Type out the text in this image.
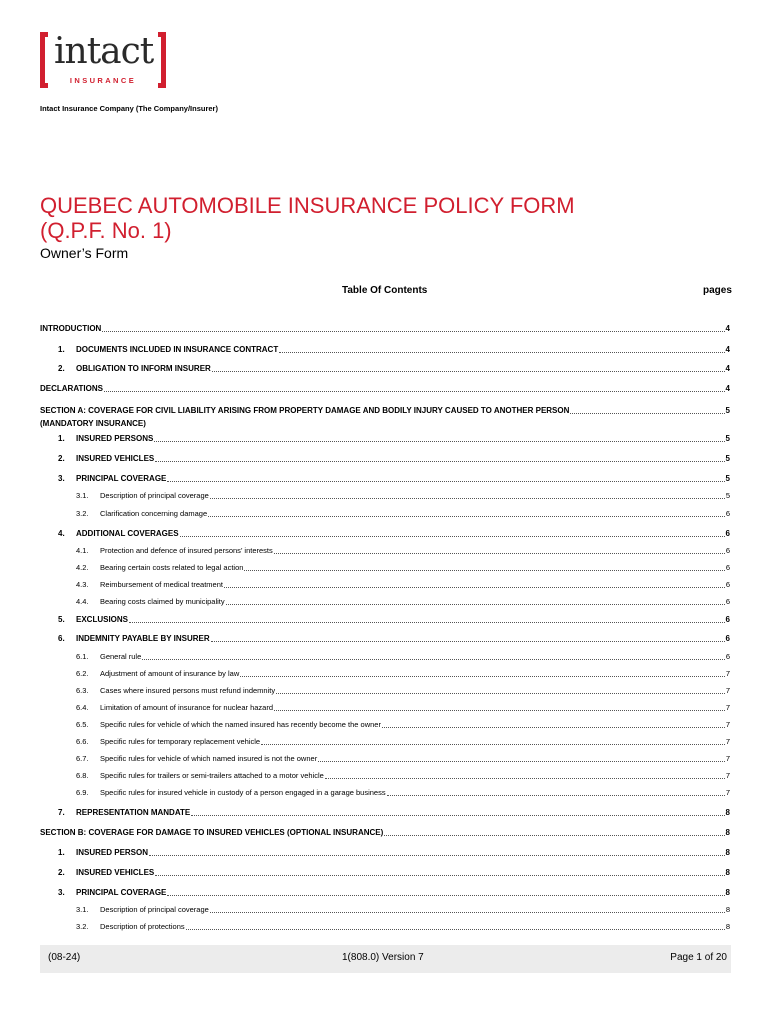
intact
INSURANCE
Intact Insurance Company (The Company/Insurer)
QUEBEC AUTOMOBILE INSURANCE POLICY FORM
(Q.P.F. No. 1)
Owner’s Form
Table Of Contents	pages
INTRODUCTION	4
1.	DOCUMENTS INCLUDED IN INSURANCE CONTRACT	4
2.	OBLIGATION TO INFORM INSURER	4
DECLARATIONS	4
SECTION A: COVERAGE FOR CIVIL LIABILITY ARISING FROM PROPERTY DAMAGE AND BODILY INJURY CAUSED TO ANOTHER PERSON	5
(MANDATORY INSURANCE)
1.	INSURED PERSONS	5
2.	INSURED VEHICLES	5
3.	PRINCIPAL COVERAGE	5
3.1.	Description of principal coverage	5
3.2.	Clarification concerning damage	6
4.	ADDITIONAL COVERAGES	6
4.1.	Protection and defence of insured persons’ interests	6
4.2.	Bearing certain costs related to legal action	6
4.3.	Reimbursement of medical treatment	6
4.4.	Bearing costs claimed by municipality	6
5.	EXCLUSIONS	6
6.	INDEMNITY PAYABLE BY INSURER	6
6.1.	General rule	6
6.2.	Adjustment of amount of insurance by law	7
6.3.	Cases where insured persons must refund indemnity	7
6.4.	Limitation of amount of insurance for nuclear hazard	7
6.5.	Specific rules for vehicle of which the named insured has recently become the owner	7
6.6.	Specific rules for temporary replacement vehicle	7
6.7.	Specific rules for vehicle of which named insured is not the owner	7
6.8.	Specific rules for trailers or semi-trailers attached to a motor vehicle	7
6.9.	Specific rules for insured vehicle in custody of a person engaged in a garage business	7
7.	REPRESENTATION MANDATE	8
SECTION B: COVERAGE FOR DAMAGE TO INSURED VEHICLES (OPTIONAL INSURANCE)	8
1.	INSURED PERSON	8
2.	INSURED VEHICLES	8
3.	PRINCIPAL COVERAGE	8
3.1.	Description of principal coverage	8
3.2.	Description of protections	8
(08-24)	1(808.0) Version 7	Page 1 of 20
